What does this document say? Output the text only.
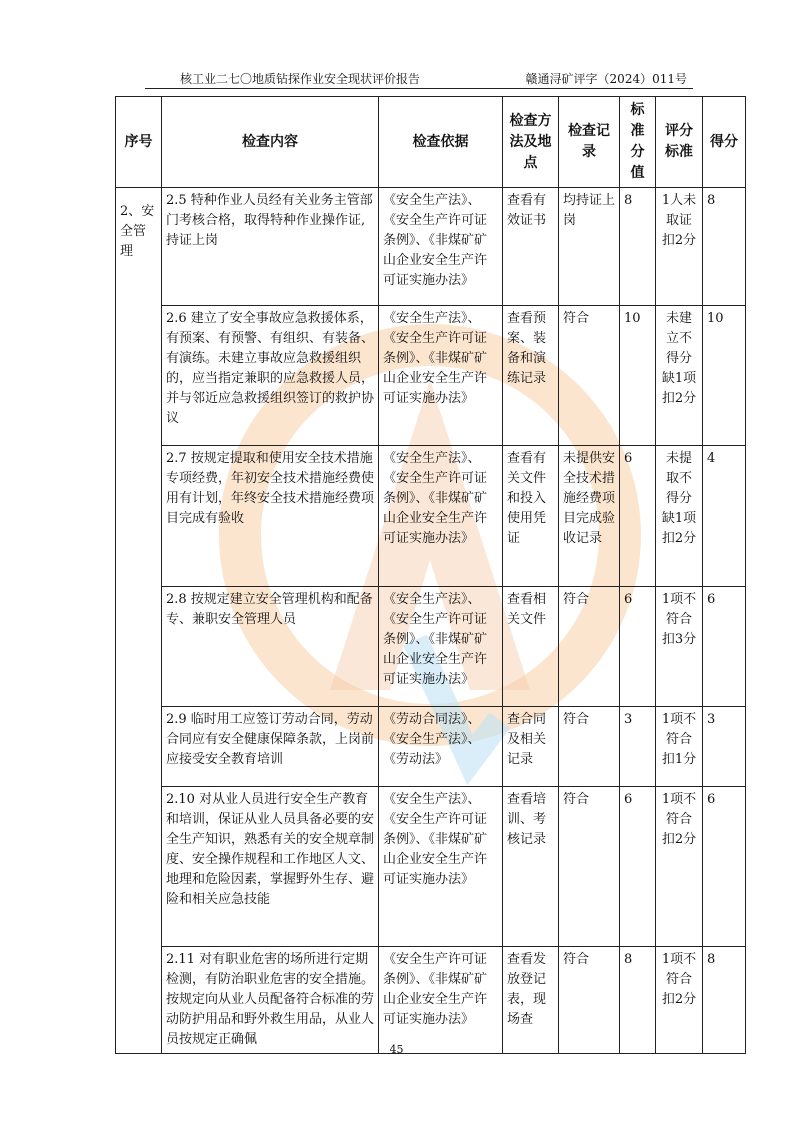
核工业二七〇地质钻探作业安全现状评价报告	赣通浔矿评字（2024）011号
序号	检查内容	检查依据	检查方法及地点	检查记录	标准分值	评分标准	得分
2、安全管理	2.5 特种作业人员经有关业务主管部门考核合格，取得特种作业操作证,持证上岗	《安全生产法》、《安全生产许可证条例》、《非煤矿矿山企业安全生产许可证实施办法》	查看有效证书	均持证上岗	8	1人未取证扣2分	8
	2.6 建立了安全事故应急救援体系，有预案、有预警、有组织、有装备、有演练。未建立事故应急救援组织的，应当指定兼职的应急救援人员，并与邻近应急救援组织签订的救护协议	《安全生产法》、《安全生产许可证条例》、《非煤矿矿山企业安全生产许可证实施办法》	查看预案、装备和演练记录	符合	10	未建立不得分缺1项扣2分	10
	2.7 按规定提取和使用安全技术措施专项经费，年初安全技术措施经费使用有计划，年终安全技术措施经费项目完成有验收	《安全生产法》、《安全生产许可证条例》、《非煤矿矿山企业安全生产许可证实施办法》	查看有关文件和投入使用凭证	未提供安全技术措施经费项目完成验收记录	6	未提取不得分缺1项扣2分	4
	2.8 按规定建立安全管理机构和配备专、兼职安全管理人员	《安全生产法》、《安全生产许可证条例》、《非煤矿矿山企业安全生产许可证实施办法》	查看相关文件	符合	6	1项不符合扣3分	6
	2.9 临时用工应签订劳动合同，劳动合同应有安全健康保障条款，上岗前应接受安全教育培训	《劳动合同法》、《安全生产法》、《劳动法》	查合同及相关记录	符合	3	1项不符合扣1分	3
	2.10 对从业人员进行安全生产教育和培训，保证从业人员具备必要的安全生产知识，熟悉有关的安全规章制度、安全操作规程和工作地区人文、地理和危险因素，掌握野外生存、避险和相关应急技能	《安全生产法》、《安全生产许可证条例》、《非煤矿矿山企业安全生产许可证实施办法》	查看培训、考核记录	符合	6	1项不符合扣2分	6
	2.11 对有职业危害的场所进行定期检测，有防治职业危害的安全措施。按规定向从业人员配备符合标准的劳动防护用品和野外救生用品，从业人员按规定正确佩	《安全生产许可证条例》、《非煤矿矿山企业安全生产许可证实施办法》	查看发放登记表，现场查	符合	8	1项不符合扣2分	8
45
